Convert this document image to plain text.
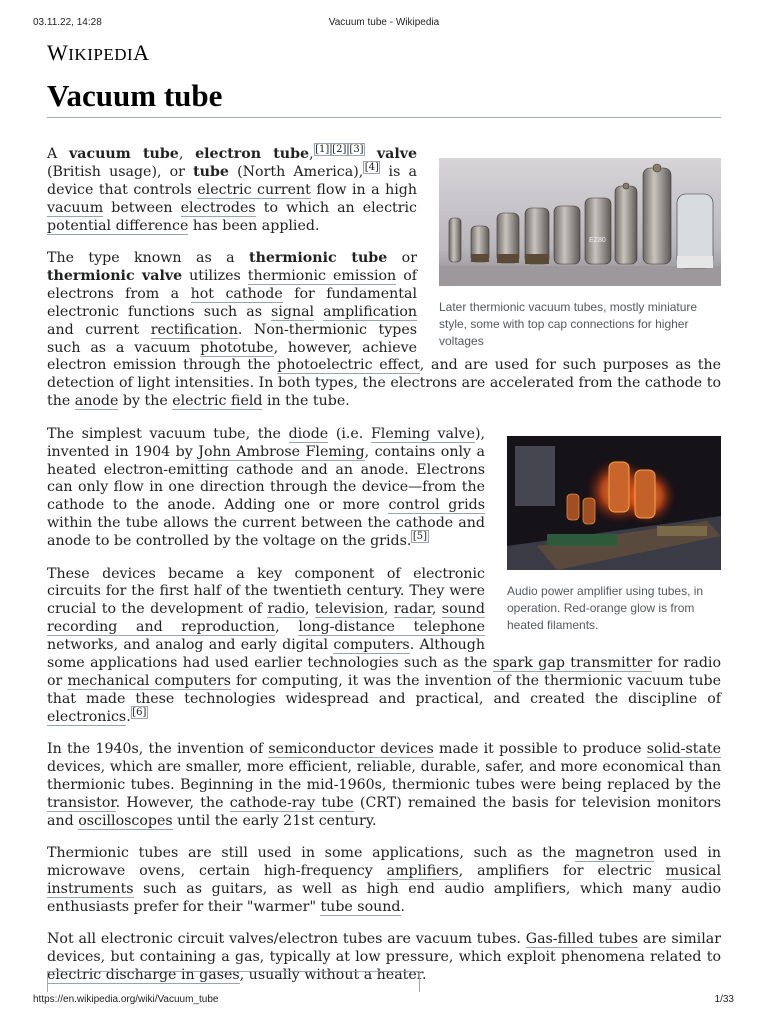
03.11.22, 14:28	Vacuum tube - Wikipedia
WIKIPEDIA
Vacuum tube
EZ80
Later thermionic vacuum tubes, mostly miniature style, some with top cap connections for higher voltages

A vacuum tube, electron tube, [1] [2] [3] valve (British usage), or tube (North America), [4] is a device that controls electric current flow in a high vacuum between electrodes to which an electric potential difference has been applied.

The type known as a thermionic tube or thermionic valve utilizes thermionic emission of electrons from a hot cathode for fundamental electronic functions such as signal amplification and current rectification. Non-thermionic types such as a vacuum phototube, however, achieve electron emission through the photoelectric effect, and are used for such purposes as the detection of light intensities. In both types, the electrons are accelerated from the cathode to the anode by the electric field in the tube.

Audio power amplifier using tubes, in operation. Red-orange glow is from heated filaments.

The simplest vacuum tube, the diode (i.e. Fleming valve), invented in 1904 by John Ambrose Fleming, contains only a heated electron-emitting cathode and an anode. Electrons can only flow in one direction through the device—from the cathode to the anode. Adding one or more control grids within the tube allows the current between the cathode and anode to be controlled by the voltage on the grids. [5]

These devices became a key component of electronic circuits for the first half of the twentieth century. They were crucial to the development of radio, television, radar, sound recording and reproduction, long-distance telephone networks, and analog and early digital computers. Although some applications had used earlier technologies such as the spark gap transmitter for radio or mechanical computers for computing, it was the invention of the thermionic vacuum tube that made these technologies widespread and practical, and created the discipline of electronics. [6]

In the 1940s, the invention of semiconductor devices made it possible to produce solid-state devices, which are smaller, more efficient, reliable, durable, safer, and more economical than thermionic tubes. Beginning in the mid-1960s, thermionic tubes were being replaced by the transistor. However, the cathode-ray tube (CRT) remained the basis for television monitors and oscilloscopes until the early 21st century.

Thermionic tubes are still used in some applications, such as the magnetron used in microwave ovens, certain high-frequency amplifiers, amplifiers for electric musical instruments such as guitars, as well as high end audio amplifiers, which many audio enthusiasts prefer for their "warmer" tube sound.

Not all electronic circuit valves/electron tubes are vacuum tubes. Gas-filled tubes are similar devices, but containing a gas, typically at low pressure, which exploit phenomena related to electric discharge in gases, usually without a heater.

https://en.wikipedia.org/wiki/Vacuum_tube	1/33
